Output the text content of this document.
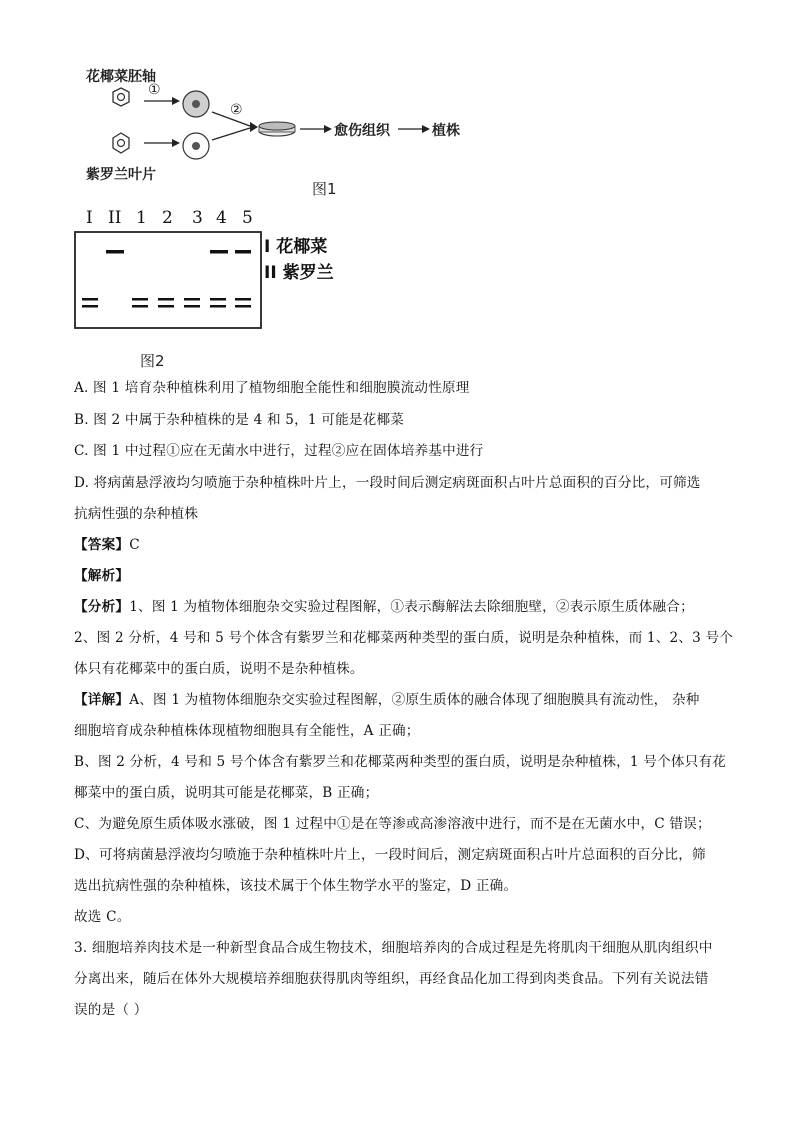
花椰菜胚轴
①
②
愈伤组织	植株
紫罗兰叶片
图1
I II 1 2 3 4 5
I 花椰菜
II 紫罗兰
图2
A. 图 1 培育杂种植株利用了植物细胞全能性和细胞膜流动性原理
B. 图 2 中属于杂种植株的是 4 和 5，1 可能是花椰菜
C. 图 1 中过程①应在无菌水中进行，过程②应在固体培养基中进行
D. 将病菌悬浮液均匀喷施于杂种植株叶片上，一段时间后测定病斑面积占叶片总面积的百分比，可筛选
抗病性强的杂种植株
【答案】C
【解析】
【分析】1、图 1 为植物体细胞杂交实验过程图解，①表示酶解法去除细胞壁，②表示原生质体融合；
2、图 2 分析，4 号和 5 号个体含有紫罗兰和花椰菜两种类型的蛋白质，说明是杂种植株，而 1、2、3 号个
体只有花椰菜中的蛋白质，说明不是杂种植株。
【详解】A、图 1 为植物体细胞杂交实验过程图解，②原生质体的融合体现了细胞膜具有流动性， 杂种
细胞培育成杂种植株体现植物细胞具有全能性，A 正确；
B、图 2 分析，4 号和 5 号个体含有紫罗兰和花椰菜两种类型的蛋白质，说明是杂种植株，1 号个体只有花
椰菜中的蛋白质，说明其可能是花椰菜，B 正确；
C、为避免原生质体吸水涨破，图 1 过程中①是在等渗或高渗溶液中进行，而不是在无菌水中，C 错误；
D、可将病菌悬浮液均匀喷施于杂种植株叶片上，一段时间后，测定病斑面积占叶片总面积的百分比，筛
选出抗病性强的杂种植株，该技术属于个体生物学水平的鉴定，D 正确。
故选 C。
3. 细胞培养肉技术是一种新型食品合成生物技术，细胞培养肉的合成过程是先将肌肉干细胞从肌肉组织中
分离出来，随后在体外大规模培养细胞获得肌肉等组织，再经食品化加工得到肉类食品。下列有关说法错
误的是（ ）
